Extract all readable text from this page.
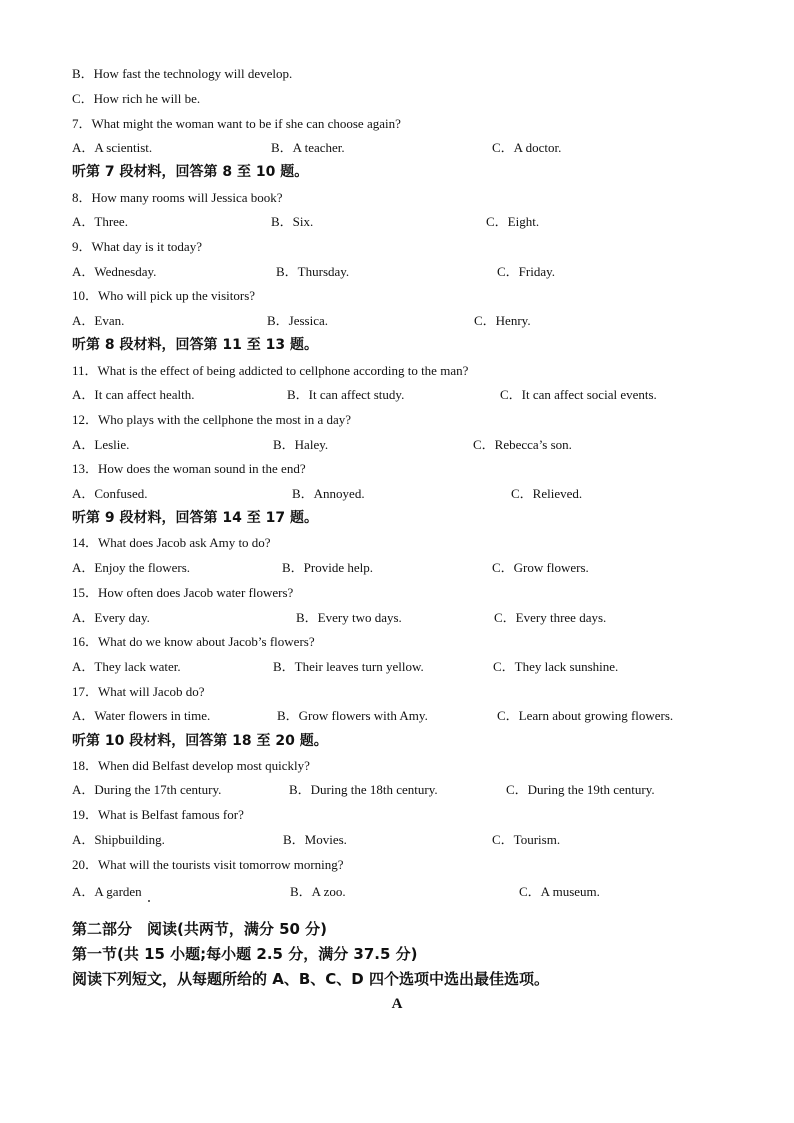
B．How fast the technology will develop.
C．How rich he will be.
7．What might the woman want to be if she can choose again?
A．A scientist.	B．A teacher.	C．A doctor.
听第 7 段材料，回答第 8 至 10 题。
8．How many rooms will Jessica book?
A．Three.	B．Six.	C．Eight.
9．What day is it today?
A．Wednesday.	B．Thursday.	C．Friday.
10．Who will pick up the visitors?
A．Evan.	B．Jessica.	C．Henry.
听第 8 段材料，回答第 11 至 13 题。
11．What is the effect of being addicted to cellphone according to the man?
A．It can affect health.	B．It can affect study.	C．It can affect social events.
12．Who plays with the cellphone the most in a day?
A．Leslie.	B．Haley.	C．Rebecca’s son.
13．How does the woman sound in the end?
A．Confused.	B．Annoyed.	C．Relieved.
听第 9 段材料，回答第 14 至 17 题。
14．What does Jacob ask Amy to do?
A．Enjoy the flowers.	B．Provide help.	C．Grow flowers.
15．How often does Jacob water flowers?
A．Every day.	B．Every two days.	C．Every three days.
16．What do we know about Jacob’s flowers?
A．They lack water.	B．Their leaves turn yellow.	C．They lack sunshine.
17．What will Jacob do?
A．Water flowers in time.	B．Grow flowers with Amy.	C．Learn about growing flowers.
听第 10 段材料，回答第 18 至 20 题。
18．When did Belfast develop most quickly?
A．During the 17th century.	B．During the 18th century.	C．During the 19th century.
19．What is Belfast famous for?
A．Shipbuilding.	B．Movies.	C．Tourism.
20．What will the tourists visit tomorrow morning?
A．A garden	B．A zoo.	C．A museum.
第二部分　阅读(共两节，满分 50 分)
第一节(共 15 小题;每小题 2.5 分，满分 37.5 分)
阅读下列短文，从每题所给的 A、B、C、D 四个选项中选出最佳选项。
A
